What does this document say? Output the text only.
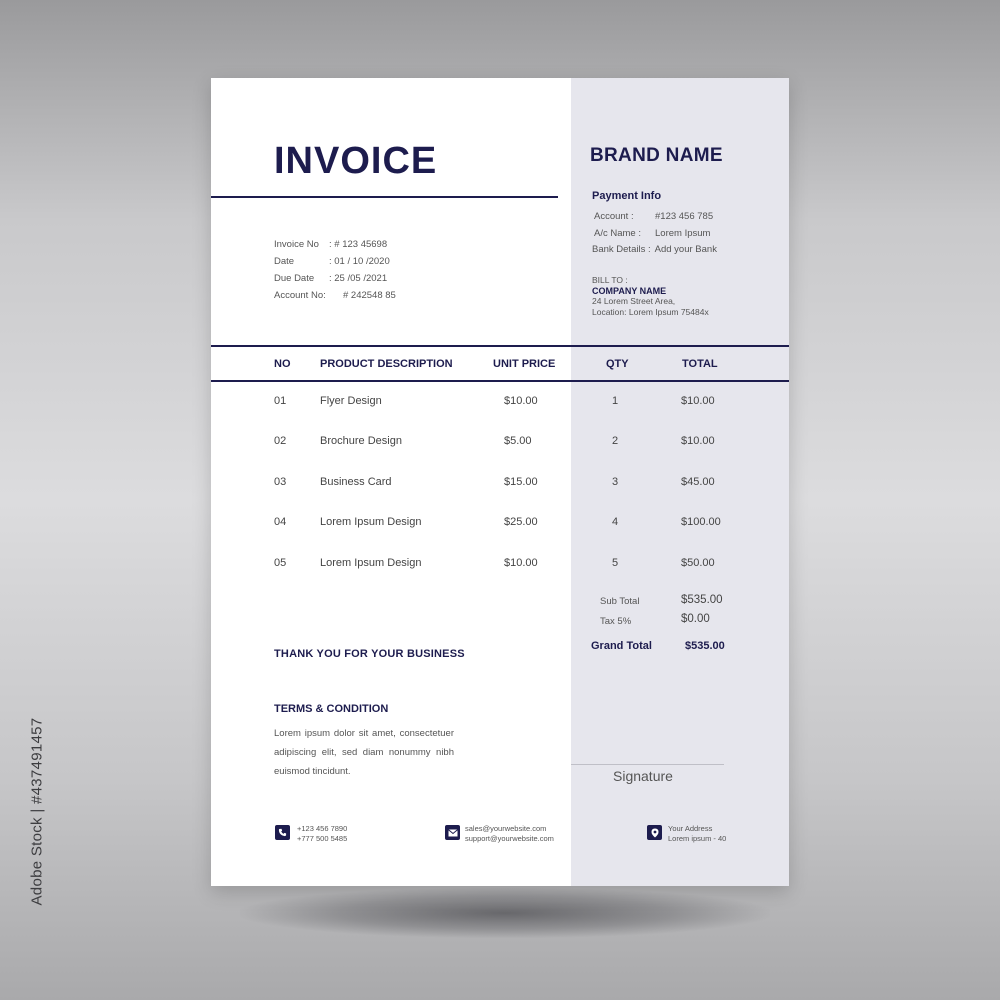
Adobe Stock | #437491457
INVOICE
Invoice No	: # 123 45698
Date	: 01 / 10 /2020
Due Date	: 25 /05 /2021
Account No:	# 242548 85
BRAND NAME
Payment Info
Account :	#123 456 785
A/c Name :	Lorem Ipsum
Bank Details : Add your Bank
BILL TO :
COMPANY NAME
24 Lorem Street Area,
Location: Lorem Ipsum 75484x
NO	PRODUCT DESCRIPTION	UNIT PRICE	QTY	TOTAL
01	Flyer Design	$10.00	1	$10.00
02	Brochure Design	$5.00	2	$10.00
03	Business Card	$15.00	3	$45.00
04	Lorem Ipsum Design	$25.00	4	$100.00
05	Lorem Ipsum Design	$10.00	5	$50.00
Sub Total	$535.00
Tax 5%	$0.00
Grand Total	$535.00
THANK YOU FOR YOUR BUSINESS
TERMS & CONDITION
Lorem ipsum dolor sit amet, consectetuer adipiscing elit, sed diam nonummy nibh euismod tincidunt.	Signature
+123 456 7890
+777 500 5485
sales@yourwebsite.com
support@yourwebsite.com
Your Address
Lorem ipsum - 40
